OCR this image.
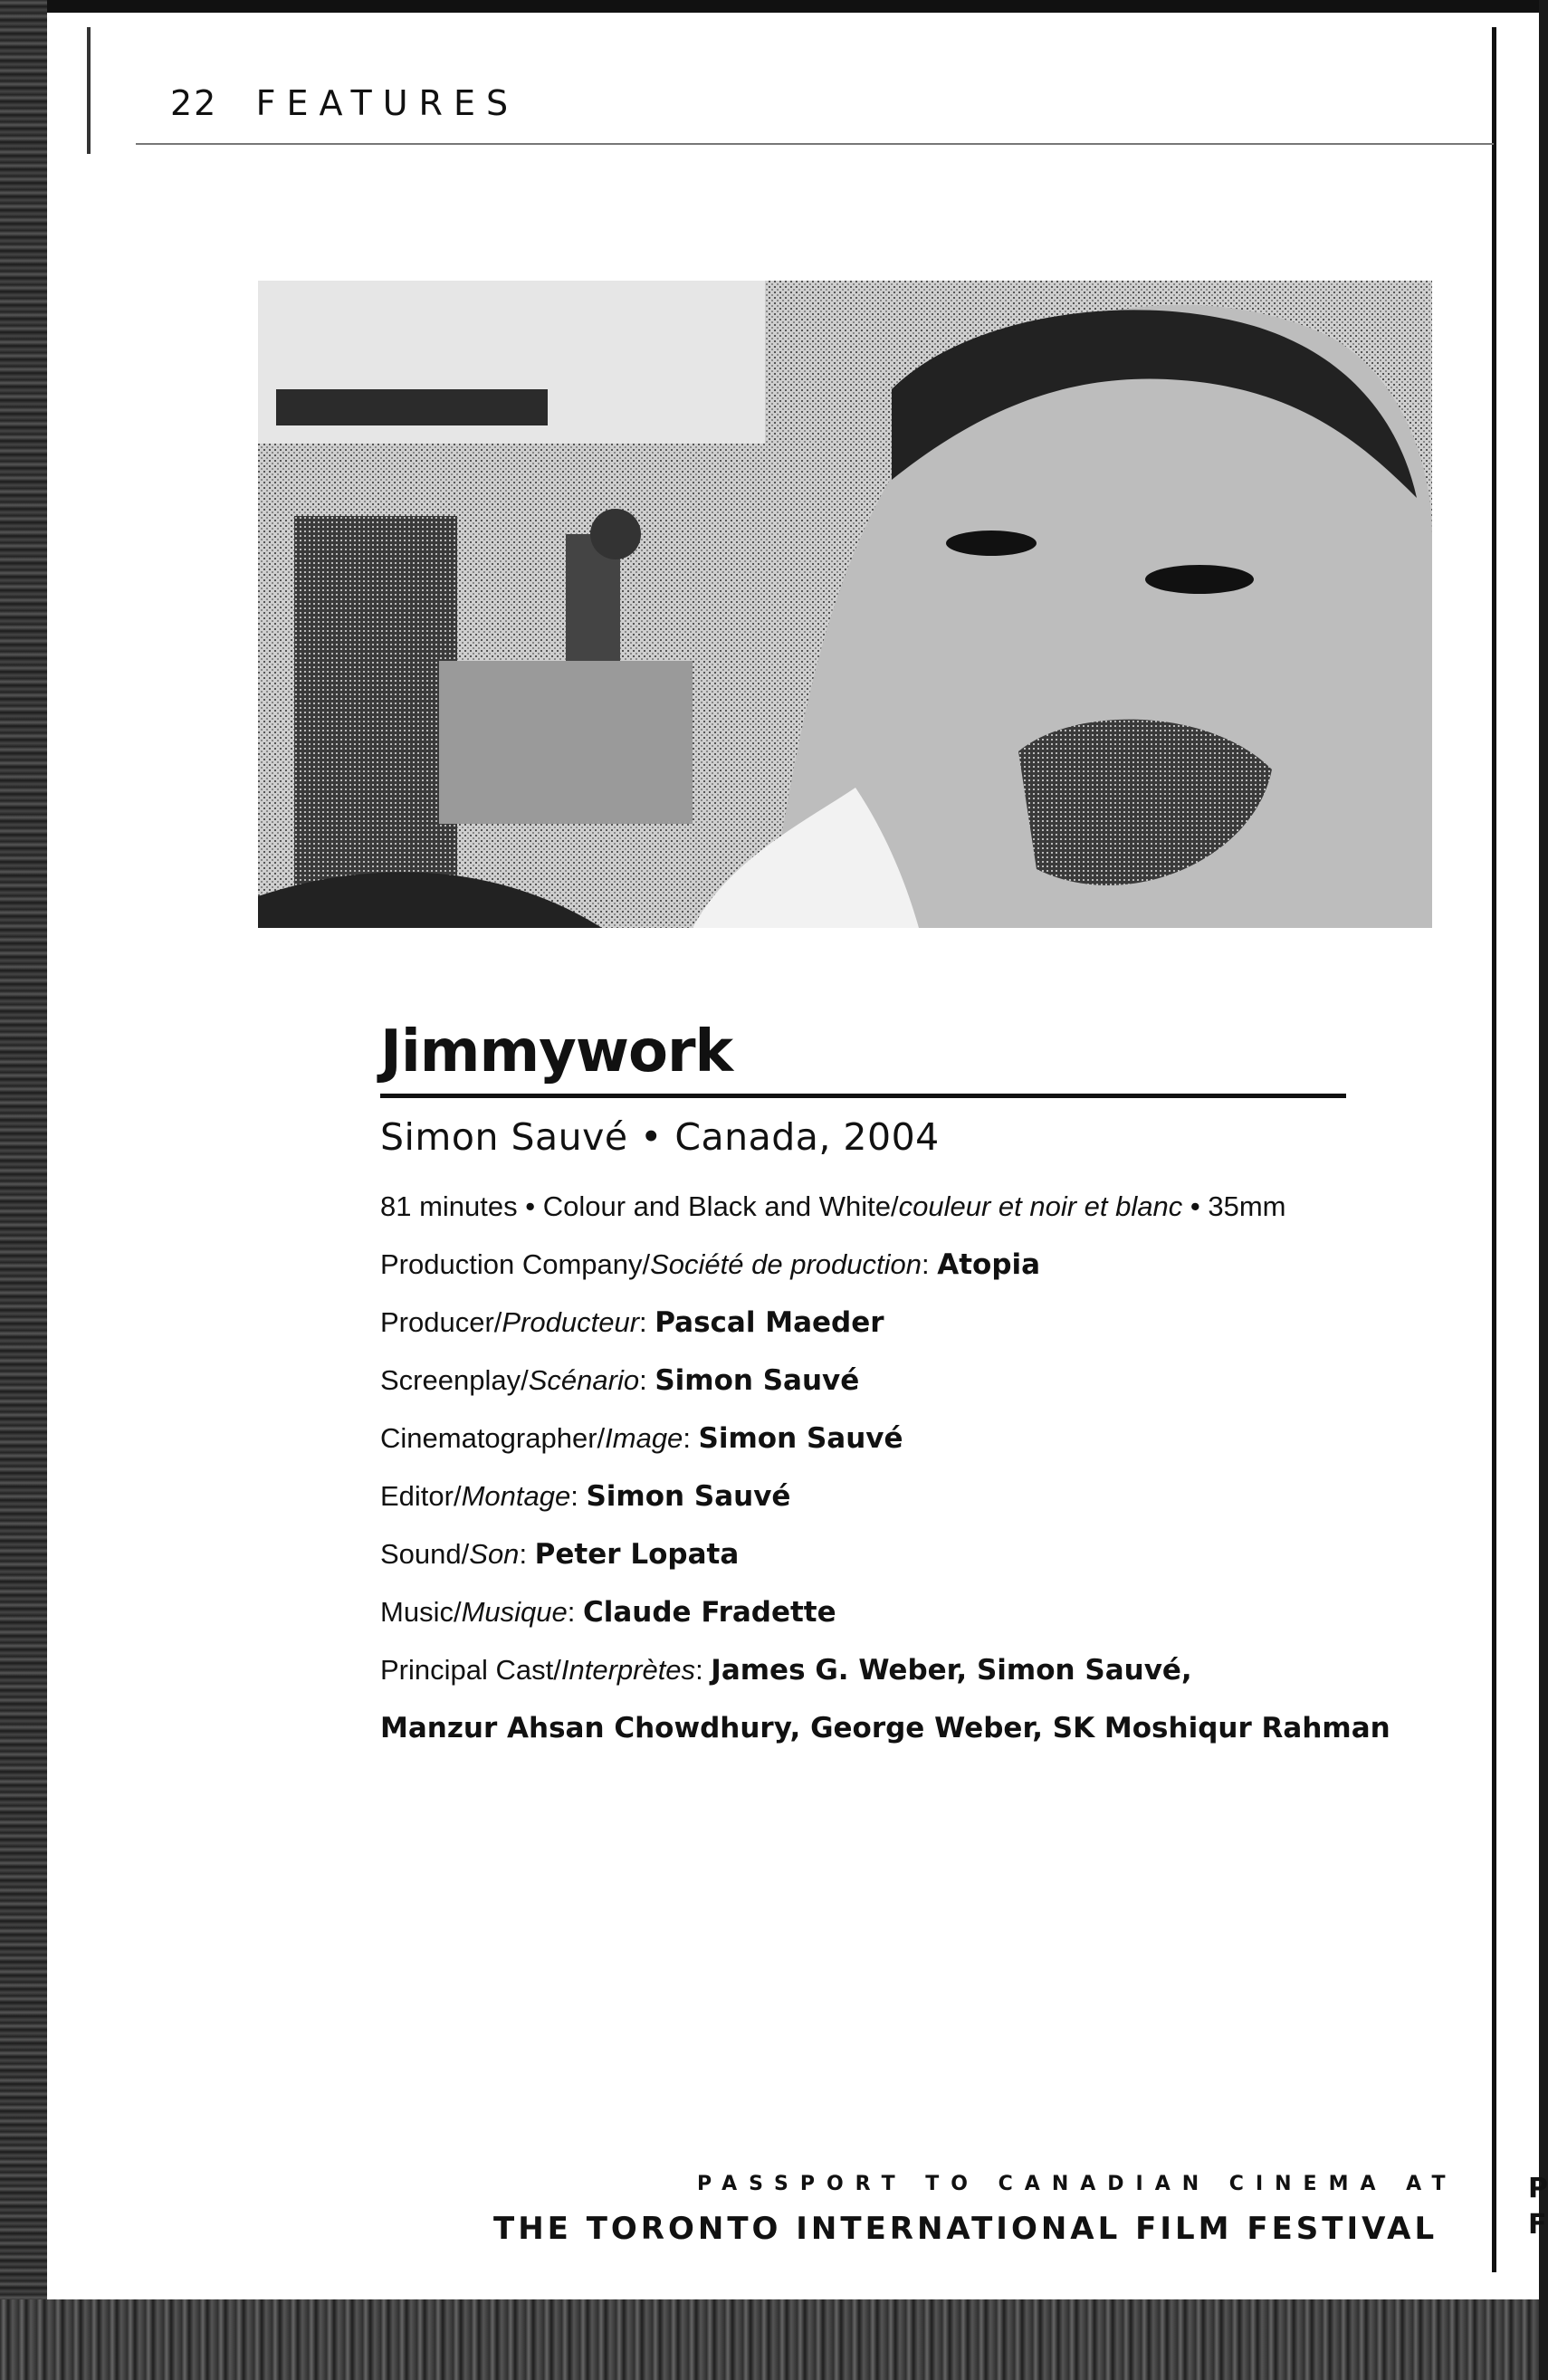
P
F
22 FEATURES
Jimmywork
Simon Sauvé • Canada, 2004
81 minutes • Colour and Black and White/couleur et noir et blanc • 35mm
Production Company/Société de production: Atopia
Producer/Producteur: Pascal Maeder
Screenplay/Scénario: Simon Sauvé
Cinematographer/Image: Simon Sauvé
Editor/Montage: Simon Sauvé
Sound/Son: Peter Lopata
Music/Musique: Claude Fradette
Principal Cast/Interprètes: James G. Weber, Simon Sauvé,
Manzur Ahsan Chowdhury, George Weber, SK Moshiqur Rahman
PASSPORT TO CANADIAN CINEMA AT
THE TORONTO INTERNATIONAL FILM FESTIVAL
